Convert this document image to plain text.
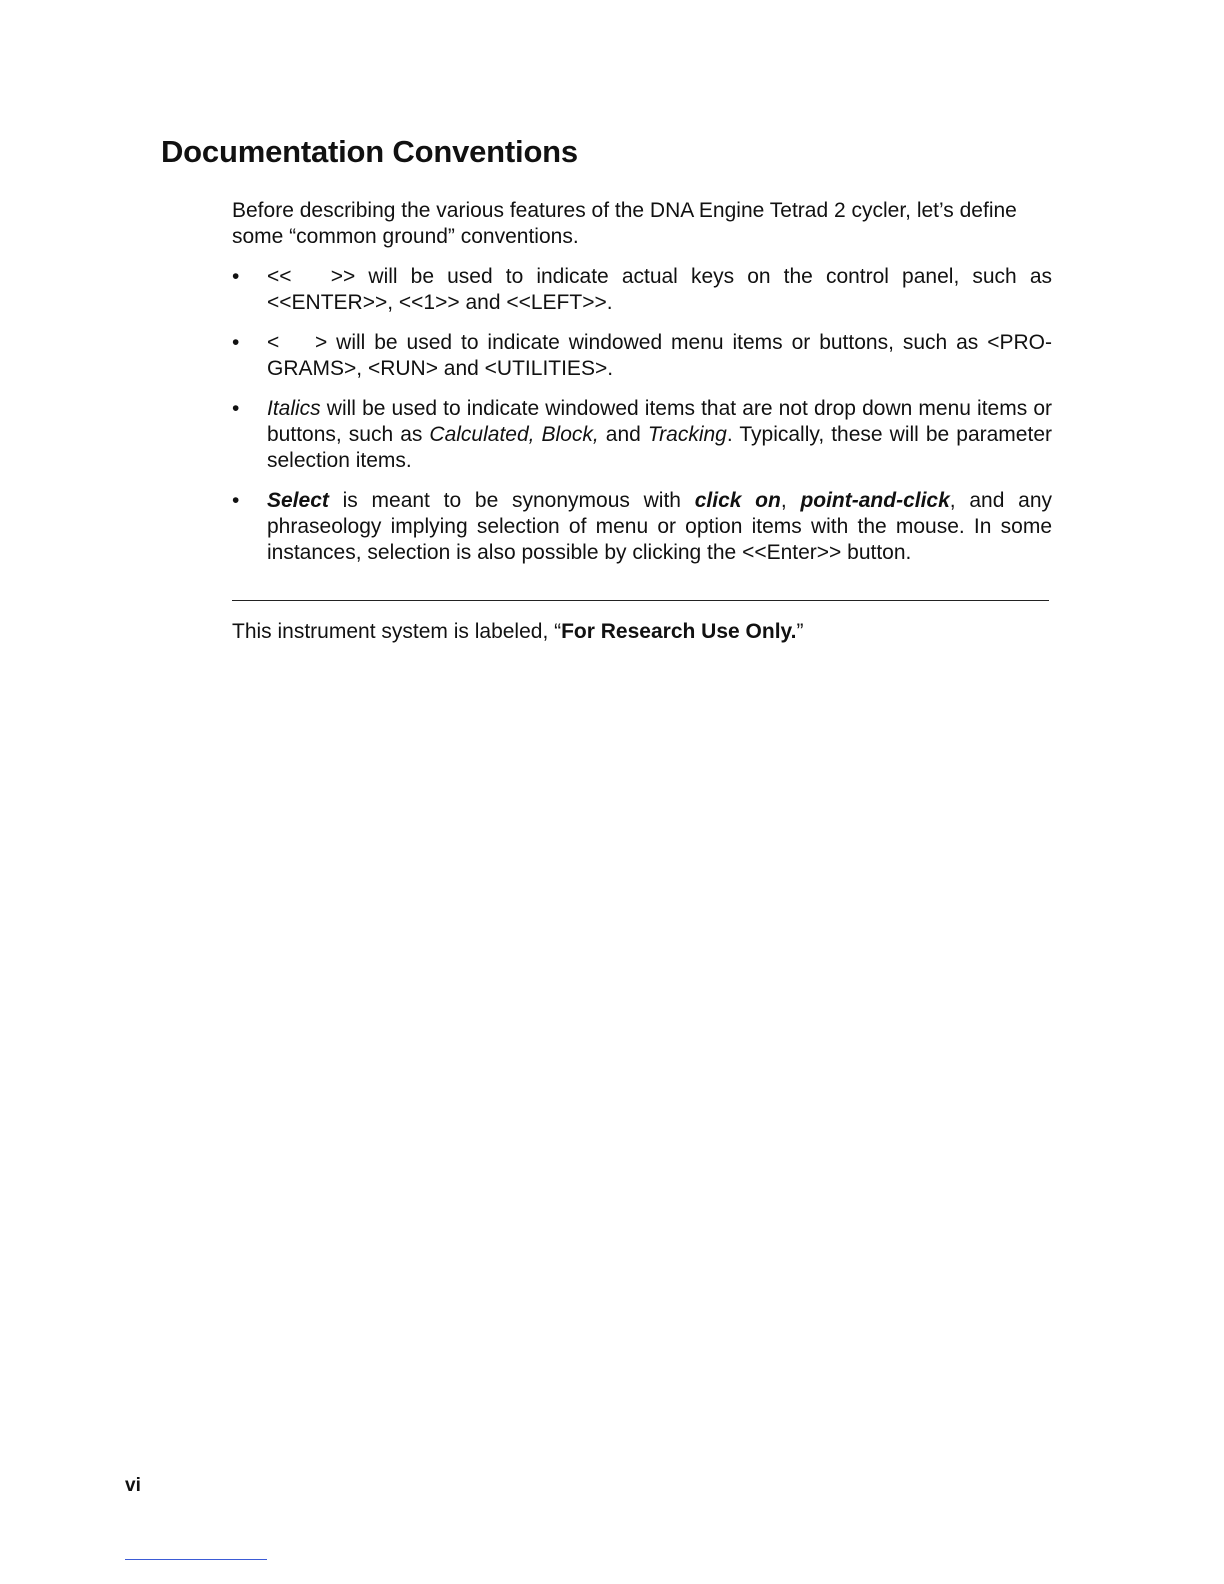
Documentation Conventions

Before describing the various features of the DNA Engine Tetrad 2 cycler, let’s define some “common ground” conventions.

• <<   >> will be used to indicate actual keys on the control panel, such as <<ENTER>>, <<1>> and <<LEFT>>.
• <    > will be used to indicate windowed menu items or buttons, such as <PRO-GRAMS>, <RUN> and <UTILITIES>.
• Italics will be used to indicate windowed items that are not drop down menu items or buttons, such as Calculated, Block, and Tracking. Typically, these will be parameter selection items.
• Select is meant to be synonymous with click on, point-and-click, and any phraseology implying selection of menu or option items with the mouse. In some instances, selection is also possible by clicking the <<Enter>> button.

This instrument system is labeled, “For Research Use Only.”

vi
